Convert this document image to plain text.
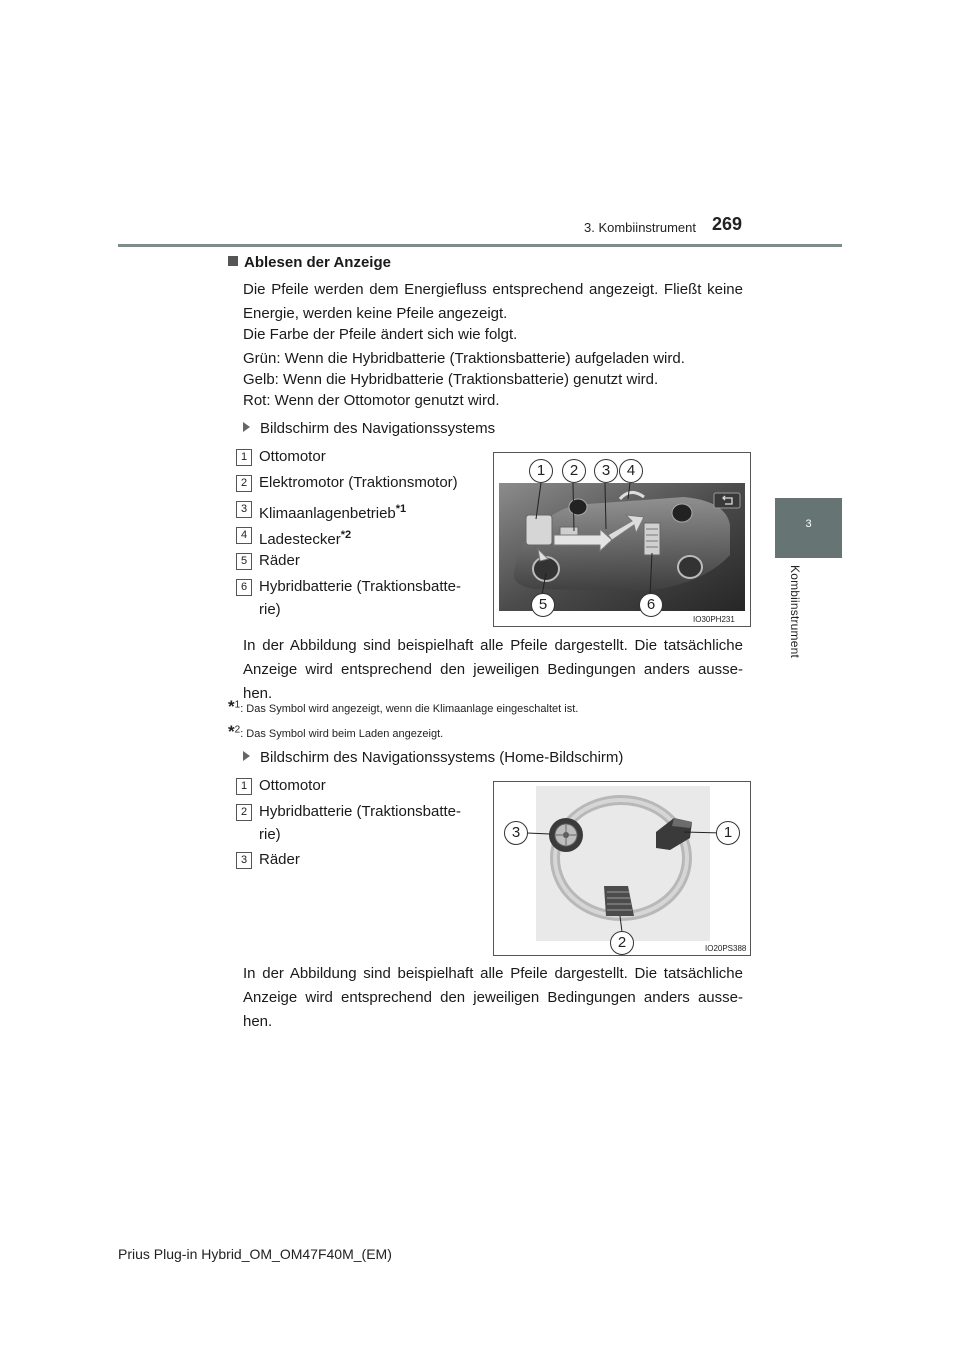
3. Kombiinstrument 269
3
Kombiinstrument
Ablesen der Anzeige
Die Pfeile werden dem Energiefluss entsprechend angezeigt. Fließt keine Energie, werden keine Pfeile angezeigt.
Die Farbe der Pfeile ändert sich wie folgt.
Grün: Wenn die Hybridbatterie (Traktionsbatterie) aufgeladen wird.
Gelb: Wenn die Hybridbatterie (Traktionsbatterie) genutzt wird.
Rot: Wenn der Ottomotor genutzt wird.
Bildschirm des Navigationssystems
1 Ottomotor
2 Elektromotor (Traktionsmotor)
3 Klimaanlagenbetrieb$^{*1}$
4 Ladestecker$^{*2}$
5 Räder
6 Hybridbatterie (Traktionsbatte-
rie)
1	2	3	4
5	6
IO30PH231
In der Abbildung sind beispielhaft alle Pfeile dargestellt. Die tatsächliche Anzeige wird entsprechend den jeweiligen Bedingungen anders ausse-hen.
*$^1$: Das Symbol wird angezeigt, wenn die Klimaanlage eingeschaltet ist.
*$^2$: Das Symbol wird beim Laden angezeigt.
Bildschirm des Navigationssystems (Home-Bildschirm)
1 Ottomotor
2 Hybridbatterie (Traktionsbatte-
rie)
3 Räder
3	1
2	IO20PS388
In der Abbildung sind beispielhaft alle Pfeile dargestellt. Die tatsächliche Anzeige wird entsprechend den jeweiligen Bedingungen anders ausse-hen.
Prius Plug-in Hybrid_OM_OM47F40M_(EM)
